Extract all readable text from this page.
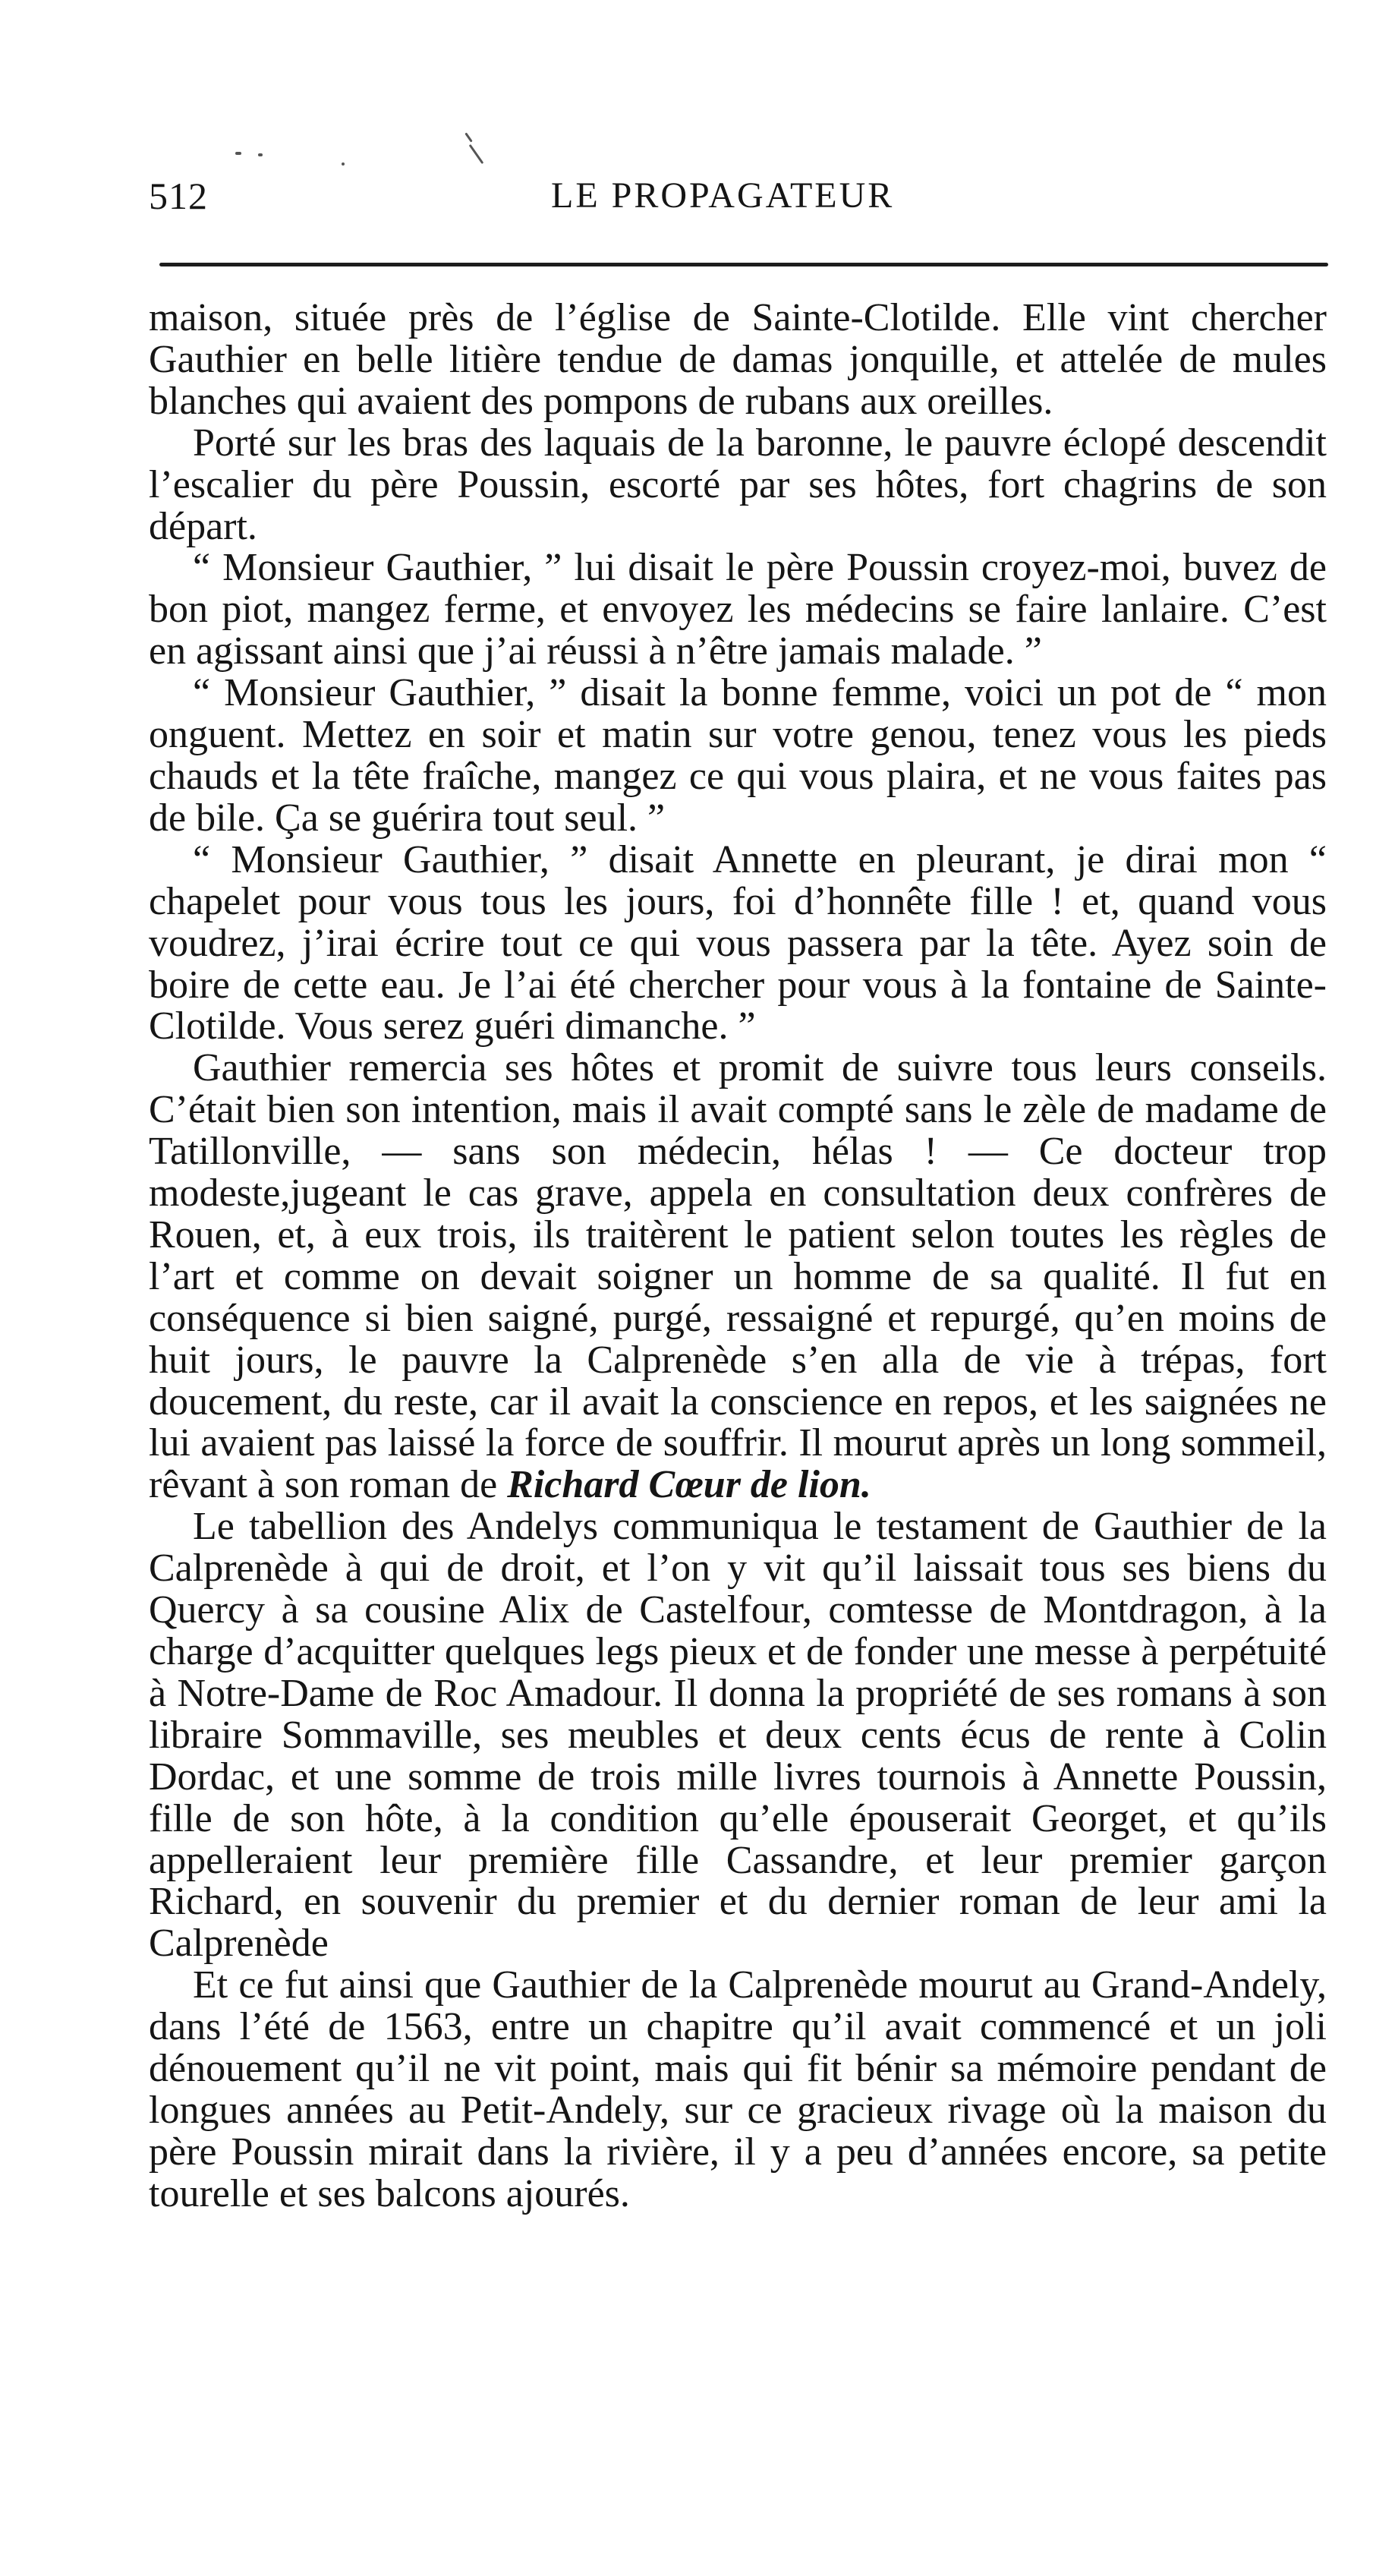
512	LE PROPAGATEUR

maison, située près de l’église de Sainte-Clotilde. Elle vint chercher Gauthier en belle litière tendue de damas jonquille, et attelée de mules blanches qui avaient des pompons de rubans aux oreilles.

Porté sur les bras des laquais de la baronne, le pauvre éclopé descendit l’escalier du père Poussin, escorté par ses hôtes, fort chagrins de son départ.

“ Monsieur Gauthier, ” lui disait le père Poussin croyez-moi, buvez de bon piot, mangez ferme, et envoyez les médecins se faire lanlaire. C’est en agissant ainsi que j’ai réussi à n’être jamais malade. ”

“ Monsieur Gauthier, ” disait la bonne femme, voici un pot de “ mon onguent. Mettez en soir et matin sur votre genou, tenez vous les pieds chauds et la tête fraîche, mangez ce qui vous plaira, et ne vous faites pas de bile. Ça se guérira tout seul. ”

“ Monsieur Gauthier, ” disait Annette en pleurant, je dirai mon “ chapelet pour vous tous les jours, foi d’honnête fille ! et, quand vous voudrez, j’irai écrire tout ce qui vous passera par la tête. Ayez soin de boire de cette eau. Je l’ai été chercher pour vous à la fontaine de Sainte-Clotilde. Vous serez guéri dimanche. ”

Gauthier remercia ses hôtes et promit de suivre tous leurs conseils. C’était bien son intention, mais il avait compté sans le zèle de madame de Tatillonville, — sans son médecin, hélas ! — Ce docteur trop modeste,jugeant le cas grave, appela en consultation deux confrères de Rouen, et, à eux trois, ils traitèrent le patient selon toutes les règles de l’art et comme on devait soigner un homme de sa qualité. Il fut en conséquence si bien saigné, purgé, ressaigné et repurgé, qu’en moins de huit jours, le pauvre la Calprenède s’en alla de vie à trépas, fort doucement, du reste, car il avait la conscience en repos, et les saignées ne lui avaient pas laissé la force de souffrir. Il mourut après un long sommeil, rêvant à son roman de Richard Cœur de lion.

Le tabellion des Andelys communiqua le testament de Gauthier de la Calprenède à qui de droit, et l’on y vit qu’il laissait tous ses biens du Quercy à sa cousine Alix de Castelfour, comtesse de Montdragon, à la charge d’acquitter quelques legs pieux et de fonder une messe à perpétuité à Notre-Dame de Roc Amadour. Il donna la propriété de ses romans à son libraire Sommaville, ses meubles et deux cents écus de rente à Colin Dordac, et une somme de trois mille livres tournois à Annette Poussin, fille de son hôte, à la condition qu’elle épouserait Georget, et qu’ils appelleraient leur première fille Cassandre, et leur premier garçon Richard, en souvenir du premier et du dernier roman de leur ami la Calprenède

Et ce fut ainsi que Gauthier de la Calprenède mourut au Grand-Andely, dans l’été de 1563, entre un chapitre qu’il avait commencé et un joli dénouement qu’il ne vit point, mais qui fit bénir sa mémoire pendant de longues années au Petit-Andely, sur ce gracieux rivage où la maison du père Poussin mirait dans la rivière, il y a peu d’années encore, sa petite tourelle et ses balcons ajourés.
